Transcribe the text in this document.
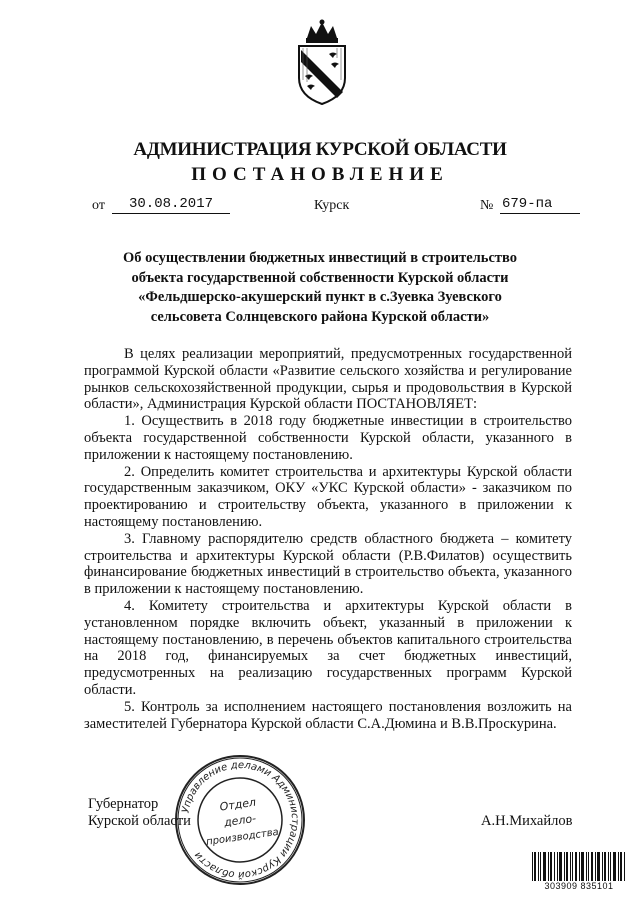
АДМИНИСТРАЦИЯ КУРСКОЙ ОБЛАСТИ
ПОСТАНОВЛЕНИЕ
от	30.08.2017	Курск	№ 679-па
Об осуществлении бюджетных инвестиций в строительство объекта государственной собственности Курской области «Фельдшерско-акушерский пункт в с.Зуевка Зуевского сельсовета Солнцевского района Курской области»

В целях реализации мероприятий, предусмотренных государственной программой Курской области «Развитие сельского хозяйства и регулирование рынков сельскохозяйственной продукции, сырья и продовольствия в Курской области», Администрация Курской области ПОСТАНОВЛЯЕТ:

1. Осуществить в 2018 году бюджетные инвестиции в строительство объекта государственной собственности Курской области, указанного в приложении к настоящему постановлению.

2. Определить комитет строительства и архитектуры Курской области государственным заказчиком, ОКУ «УКС Курской области» - заказчиком по проектированию и строительству объекта, указанного в приложении к настоящему постановлению.

3. Главному распорядителю средств областного бюджета – комитету строительства и архитектуры Курской области (Р.В.Филатов) осуществить финансирование бюджетных инвестиций в строительство объекта, указанного в приложении к настоящему постановлению.

4. Комитету строительства и архитектуры Курской области в установленном порядке включить объект, указанный в приложении к настоящему постановлению, в перечень объектов капитального строительства на 2018 год, финансируемых за счет бюджетных инвестиций, предусмотренных на реализацию государственных программ Курской области.

5. Контроль за исполнением настоящего постановления возложить на заместителей Губернатора Курской области С.А.Дюмина и В.В.Проскурина.

Губернатор
Курской области	А.Н.Михайлов
Управление делами Администрации Курской области
Отдел
дело-
производства
303909 835101
